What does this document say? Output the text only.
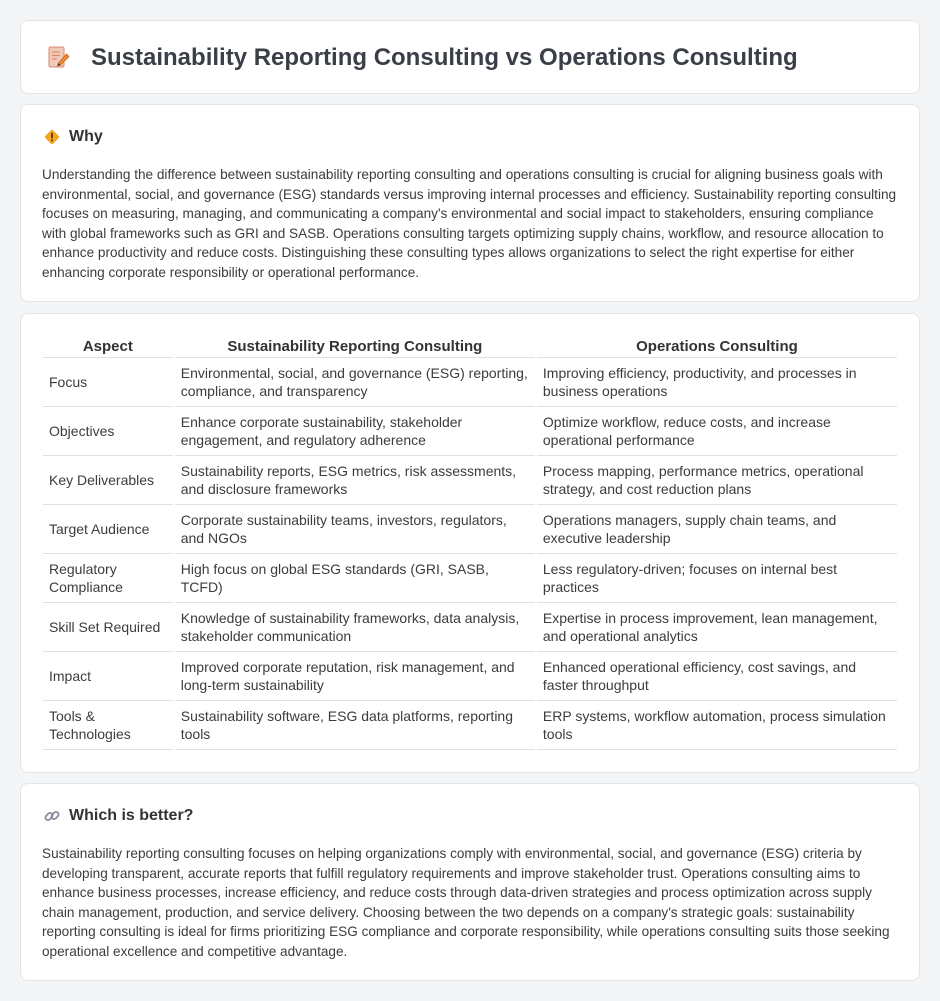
Sustainability Reporting Consulting vs Operations Consulting
Why

Understanding the difference between sustainability reporting consulting and operations consulting is crucial for aligning business goals with environmental, social, and governance (ESG) standards versus improving internal processes and efficiency. Sustainability reporting consulting focuses on measuring, managing, and communicating a company's environmental and social impact to stakeholders, ensuring compliance with global frameworks such as GRI and SASB. Operations consulting targets optimizing supply chains, workflow, and resource allocation to enhance productivity and reduce costs. Distinguishing these consulting types allows organizations to select the right expertise for either enhancing corporate responsibility or operational performance.

Aspect	Sustainability Reporting Consulting	Operations Consulting
Focus	Environmental, social, and governance (ESG) reporting, compliance, and transparency	Improving efficiency, productivity, and processes in business operations
Objectives	Enhance corporate sustainability, stakeholder engagement, and regulatory adherence	Optimize workflow, reduce costs, and increase operational performance
Key Deliverables	Sustainability reports, ESG metrics, risk assessments, and disclosure frameworks	Process mapping, performance metrics, operational strategy, and cost reduction plans
Target Audience	Corporate sustainability teams, investors, regulators, and NGOs	Operations managers, supply chain teams, and executive leadership
Regulatory Compliance	High focus on global ESG standards (GRI, SASB, TCFD)	Less regulatory-driven; focuses on internal best practices
Skill Set Required	Knowledge of sustainability frameworks, data analysis, stakeholder communication	Expertise in process improvement, lean management, and operational analytics
Impact	Improved corporate reputation, risk management, and long-term sustainability	Enhanced operational efficiency, cost savings, and faster throughput
Tools & Technologies	Sustainability software, ESG data platforms, reporting tools	ERP systems, workflow automation, process simulation tools
Which is better?

Sustainability reporting consulting focuses on helping organizations comply with environmental, social, and governance (ESG) criteria by developing transparent, accurate reports that fulfill regulatory requirements and improve stakeholder trust. Operations consulting aims to enhance business processes, increase efficiency, and reduce costs through data-driven strategies and process optimization across supply chain management, production, and service delivery. Choosing between the two depends on a company's strategic goals: sustainability reporting consulting is ideal for firms prioritizing ESG compliance and corporate responsibility, while operations consulting suits those seeking operational excellence and competitive advantage.
